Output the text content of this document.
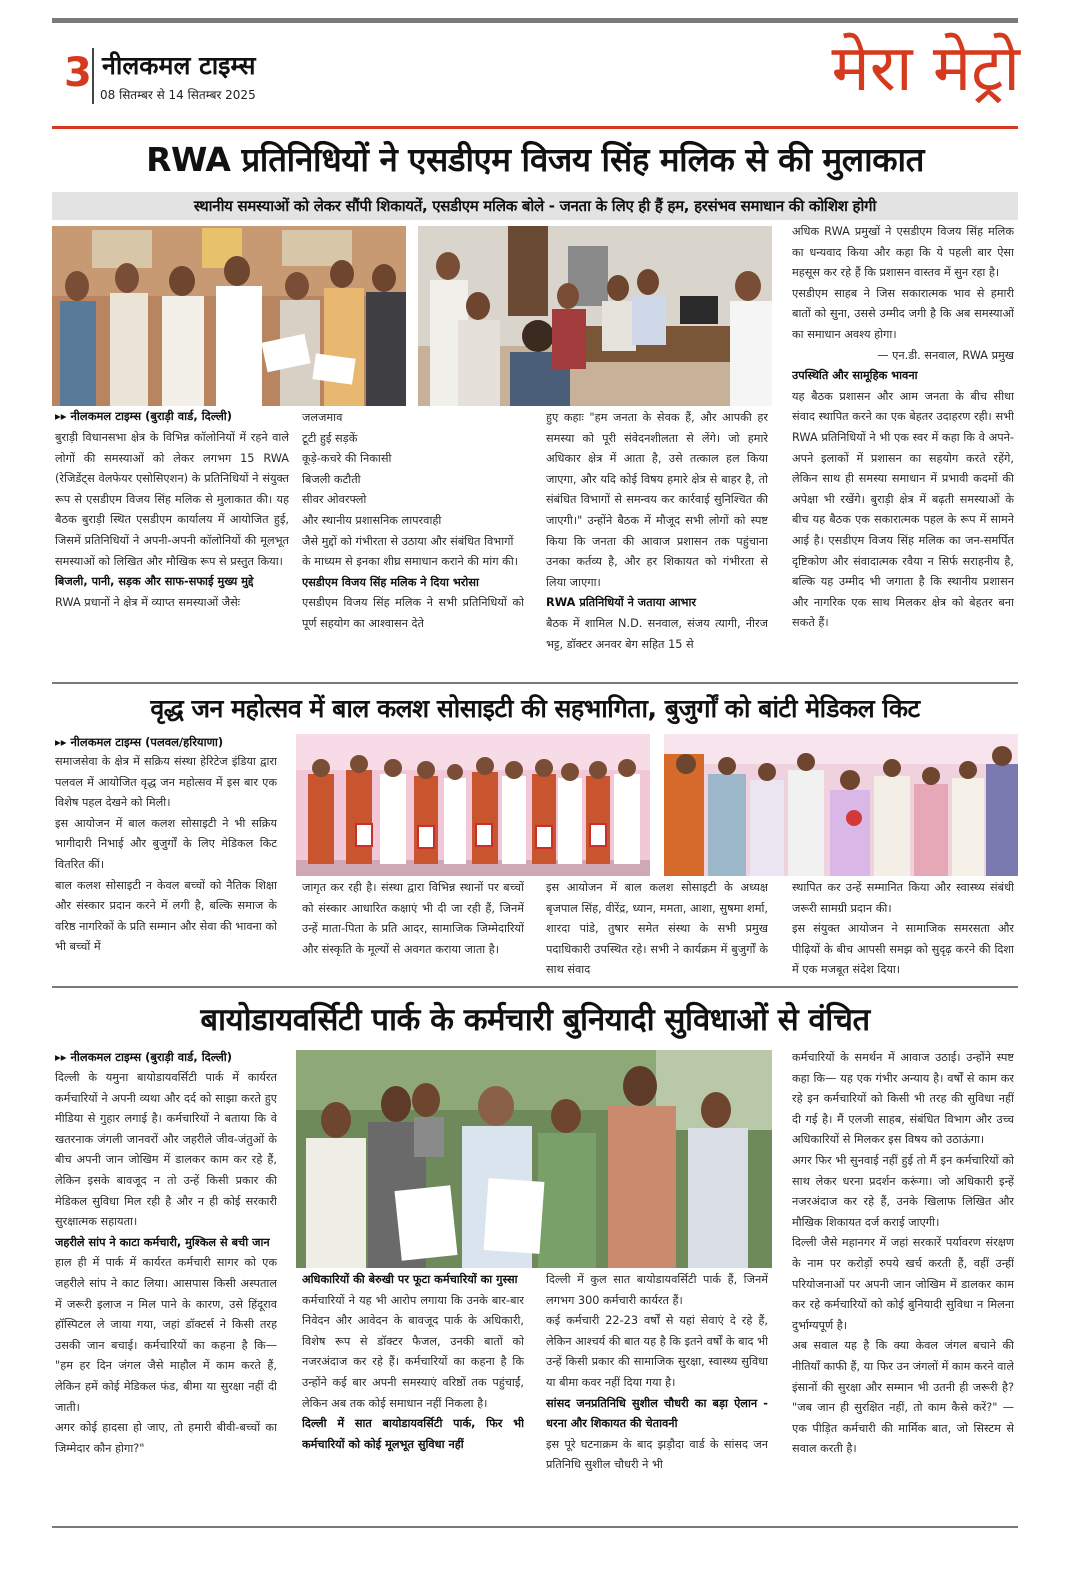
3 नीलकमल टाइम्स
08 सितम्बर से 14 सितम्बर 2025	मेरा मेट्रो
RWA प्रतिनिधियों ने एसडीएम विजय सिंह मलिक से की मुलाकात
स्थानीय समस्याओं को लेकर सौंपी शिकायतें, एसडीएम मलिक बोले - जनता के लिए ही हैं हम, हरसंभव समाधान की कोशिश होगी
▸▸ नीलकमल टाइम्स (बुराड़ी वार्ड, दिल्ली)
बुराड़ी विधानसभा क्षेत्र के विभिन्न कॉलोनियों में रहने वाले लोगों की समस्याओं को लेकर लगभग 15 RWA (रेजिडेंट्स वेलफेयर एसोसिएशन) के प्रतिनिधियों ने संयुक्त रूप से एसडीएम विजय सिंह मलिक से मुलाकात की। यह बैठक बुराड़ी स्थित एसडीएम कार्यालय में आयोजित हुई, जिसमें प्रतिनिधियों ने अपनी-अपनी कॉलोनियों की मूलभूत समस्याओं को लिखित और मौखिक रूप से प्रस्तुत किया।
बिजली, पानी, सड़क और साफ-सफाई मुख्य मुद्दे
RWA प्रधानों ने क्षेत्र में व्याप्त समस्याओं जैसेः
जलजमाव
टूटी हुई सड़कें
कूड़े-कचरे की निकासी
बिजली कटौती
सीवर ओवरफ्लो
और स्थानीय प्रशासनिक लापरवाही
जैसे मुद्दों को गंभीरता से उठाया और संबंधित विभागों के माध्यम से इनका शीघ्र समाधान कराने की मांग की।
एसडीएम विजय सिंह मलिक ने दिया भरोसा
एसडीएम विजय सिंह मलिक ने सभी प्रतिनिधियों को पूर्ण सहयोग का आश्वासन देते
हुए कहाः "हम जनता के सेवक हैं, और आपकी हर समस्या को पूरी संवेदनशीलता से लेंगे। जो हमारे अधिकार क्षेत्र में आता है, उसे तत्काल हल किया जाएगा, और यदि कोई विषय हमारे क्षेत्र से बाहर है, तो संबंधित विभागों से समन्वय कर कार्रवाई सुनिश्चित की जाएगी।" उन्होंने बैठक में मौजूद सभी लोगों को स्पष्ट किया कि जनता की आवाज प्रशासन तक पहुंचाना उनका कर्तव्य है, और हर शिकायत को गंभीरता से लिया जाएगा।
RWA प्रतिनिधियों ने जताया आभार
बैठक में शामिल N.D. सनवाल, संजय त्यागी, नीरज भट्ट, डॉक्टर अनवर बेग सहित 15 से
अधिक RWA प्रमुखों ने एसडीएम विजय सिंह मलिक का धन्यवाद किया और कहा कि ये पहली बार ऐसा महसूस कर रहे हैं कि प्रशासन वास्तव में सुन रहा है।
एसडीएम साहब ने जिस सकारात्मक भाव से हमारी बातों को सुना, उससे उम्मीद जगी है कि अब समस्याओं का समाधान अवश्य होगा।
— एन.डी. सनवाल, RWA प्रमुख
उपस्थिति और सामूहिक भावना
यह बैठक प्रशासन और आम जनता के बीच सीधा संवाद स्थापित करने का एक बेहतर उदाहरण रही। सभी RWA प्रतिनिधियों ने भी एक स्वर में कहा कि वे अपने-अपने इलाकों में प्रशासन का सहयोग करते रहेंगे, लेकिन साथ ही समस्या समाधान में प्रभावी कदमों की अपेक्षा भी रखेंगे। बुराड़ी क्षेत्र में बढ़ती समस्याओं के बीच यह बैठक एक सकारात्मक पहल के रूप में सामने आई है। एसडीएम विजय सिंह मलिक का जन-समर्पित दृष्टिकोण और संवादात्मक रवैया न सिर्फ सराहनीय है, बल्कि यह उम्मीद भी जगाता है कि स्थानीय प्रशासन और नागरिक एक साथ मिलकर क्षेत्र को बेहतर बना सकते हैं।
वृद्ध जन महोत्सव में बाल कलश सोसाइटी की सहभागिता, बुजुर्गों को बांटी मेडिकल किट
▸▸ नीलकमल टाइम्स (पलवल/हरियाणा)
समाजसेवा के क्षेत्र में सक्रिय संस्था हेरिटेज इंडिया द्वारा पलवल में आयोजित वृद्ध जन महोत्सव में इस बार एक विशेष पहल देखने को मिली।
इस आयोजन में बाल कलश सोसाइटी ने भी सक्रिय भागीदारी निभाई और बुजुर्गों के लिए मेडिकल किट वितरित कीं।
बाल कलश सोसाइटी न केवल बच्चों को नैतिक शिक्षा और संस्कार प्रदान करने में लगी है, बल्कि समाज के वरिष्ठ नागरिकों के प्रति सम्मान और सेवा की भावना को भी बच्चों में
जागृत कर रही है। संस्था द्वारा विभिन्न स्थानों पर बच्चों को संस्कार आधारित कक्षाएं भी दी जा रही हैं, जिनमें उन्हें माता-पिता के प्रति आदर, सामाजिक जिम्मेदारियों और संस्कृति के मूल्यों से अवगत कराया जाता है।
इस आयोजन में बाल कलश सोसाइटी के अध्यक्ष बृजपाल सिंह, वीरेंद्र, ध्यान, ममता, आशा, सुषमा शर्मा, शारदा पांडे, तुषार समेत संस्था के सभी प्रमुख पदाधिकारी उपस्थित रहे। सभी ने कार्यक्रम में बुजुर्गों के साथ संवाद
स्थापित कर उन्हें सम्मानित किया और स्वास्थ्य संबंधी जरूरी सामग्री प्रदान की।
इस संयुक्त आयोजन ने सामाजिक समरसता और पीढ़ियों के बीच आपसी समझ को सुदृढ़ करने की दिशा में एक मजबूत संदेश दिया।
बायोडायवर्सिटी पार्क के कर्मचारी बुनियादी सुविधाओं से वंचित
▸▸ नीलकमल टाइम्स (बुराड़ी वार्ड, दिल्ली)
दिल्ली के यमुना बायोडायवर्सिटी पार्क में कार्यरत कर्मचारियों ने अपनी व्यथा और दर्द को साझा करते हुए मीडिया से गुहार लगाई है। कर्मचारियों ने बताया कि वे खतरनाक जंगली जानवरों और जहरीले जीव-जंतुओं के बीच अपनी जान जोखिम में डालकर काम कर रहे हैं, लेकिन इसके बावजूद न तो उन्हें किसी प्रकार की मेडिकल सुविधा मिल रही है और न ही कोई सरकारी सुरक्षात्मक सहायता।
जहरीले सांप ने काटा कर्मचारी, मुश्किल से बची जान
हाल ही में पार्क में कार्यरत कर्मचारी सागर को एक जहरीले सांप ने काट लिया। आसपास किसी अस्पताल में जरूरी इलाज न मिल पाने के कारण, उसे हिंदूराव हॉस्पिटल ले जाया गया, जहां डॉक्टर्स ने किसी तरह उसकी जान बचाई। कर्मचारियों का कहना है कि— "हम हर दिन जंगल जैसे माहौल में काम करते हैं, लेकिन हमें कोई मेडिकल फंड, बीमा या सुरक्षा नहीं दी जाती।
अगर कोई हादसा हो जाए, तो हमारी बीवी-बच्चों का जिम्मेदार कौन होगा?"
अधिकारियों की बेरुखी पर फूटा कर्मचारियों का गुस्सा
कर्मचारियों ने यह भी आरोप लगाया कि उनके बार-बार निवेदन और आवेदन के बावजूद पार्क के अधिकारी, विशेष रूप से डॉक्टर फैजल, उनकी बातों को नजरअंदाज कर रहे हैं। कर्मचारियों का कहना है कि उन्होंने कई बार अपनी समस्याएं वरिष्ठों तक पहुंचाईं, लेकिन अब तक कोई समाधान नहीं निकला है।
दिल्ली में सात बायोडायवर्सिटी पार्क, फिर भी कर्मचारियों को कोई मूलभूत सुविधा नहीं
दिल्ली में कुल सात बायोडायवर्सिटी पार्क हैं, जिनमें लगभग 300 कर्मचारी कार्यरत हैं।
कई कर्मचारी 22-23 वर्षों से यहां सेवाएं दे रहे हैं, लेकिन आश्चर्य की बात यह है कि इतने वर्षों के बाद भी उन्हें किसी प्रकार की सामाजिक सुरक्षा, स्वास्थ्य सुविधा या बीमा कवर नहीं दिया गया है।
सांसद जनप्रतिनिधि सुशील चौधरी का बड़ा ऐलान - धरना और शिकायत की चेतावनी
इस पूरे घटनाक्रम के बाद झड़ौदा वार्ड के सांसद जन प्रतिनिधि सुशील चौधरी ने भी
कर्मचारियों के समर्थन में आवाज उठाई। उन्होंने स्पष्ट कहा कि— यह एक गंभीर अन्याय है। वर्षों से काम कर रहे इन कर्मचारियों को किसी भी तरह की सुविधा नहीं दी गई है। मैं एलजी साहब, संबंधित विभाग और उच्च अधिकारियों से मिलकर इस विषय को उठाऊंगा।
अगर फिर भी सुनवाई नहीं हुई तो मैं इन कर्मचारियों को साथ लेकर धरना प्रदर्शन करूंगा। जो अधिकारी इन्हें नजरअंदाज कर रहे हैं, उनके खिलाफ लिखित और मौखिक शिकायत दर्ज कराई जाएगी।
दिल्ली जैसे महानगर में जहां सरकारें पर्यावरण संरक्षण के नाम पर करोड़ों रुपये खर्च करती हैं, वहीं उन्हीं परियोजनाओं पर अपनी जान जोखिम में डालकर काम कर रहे कर्मचारियों को कोई बुनियादी सुविधा न मिलना दुर्भाग्यपूर्ण है।
अब सवाल यह है कि क्या केवल जंगल बचाने की नीतियाँ काफी हैं, या फिर उन जंगलों में काम करने वाले इंसानों की सुरक्षा और सम्मान भी उतनी ही जरूरी है? "जब जान ही सुरक्षित नहीं, तो काम कैसे करें?" — एक पीड़ित कर्मचारी की मार्मिक बात, जो सिस्टम से सवाल करती है।
